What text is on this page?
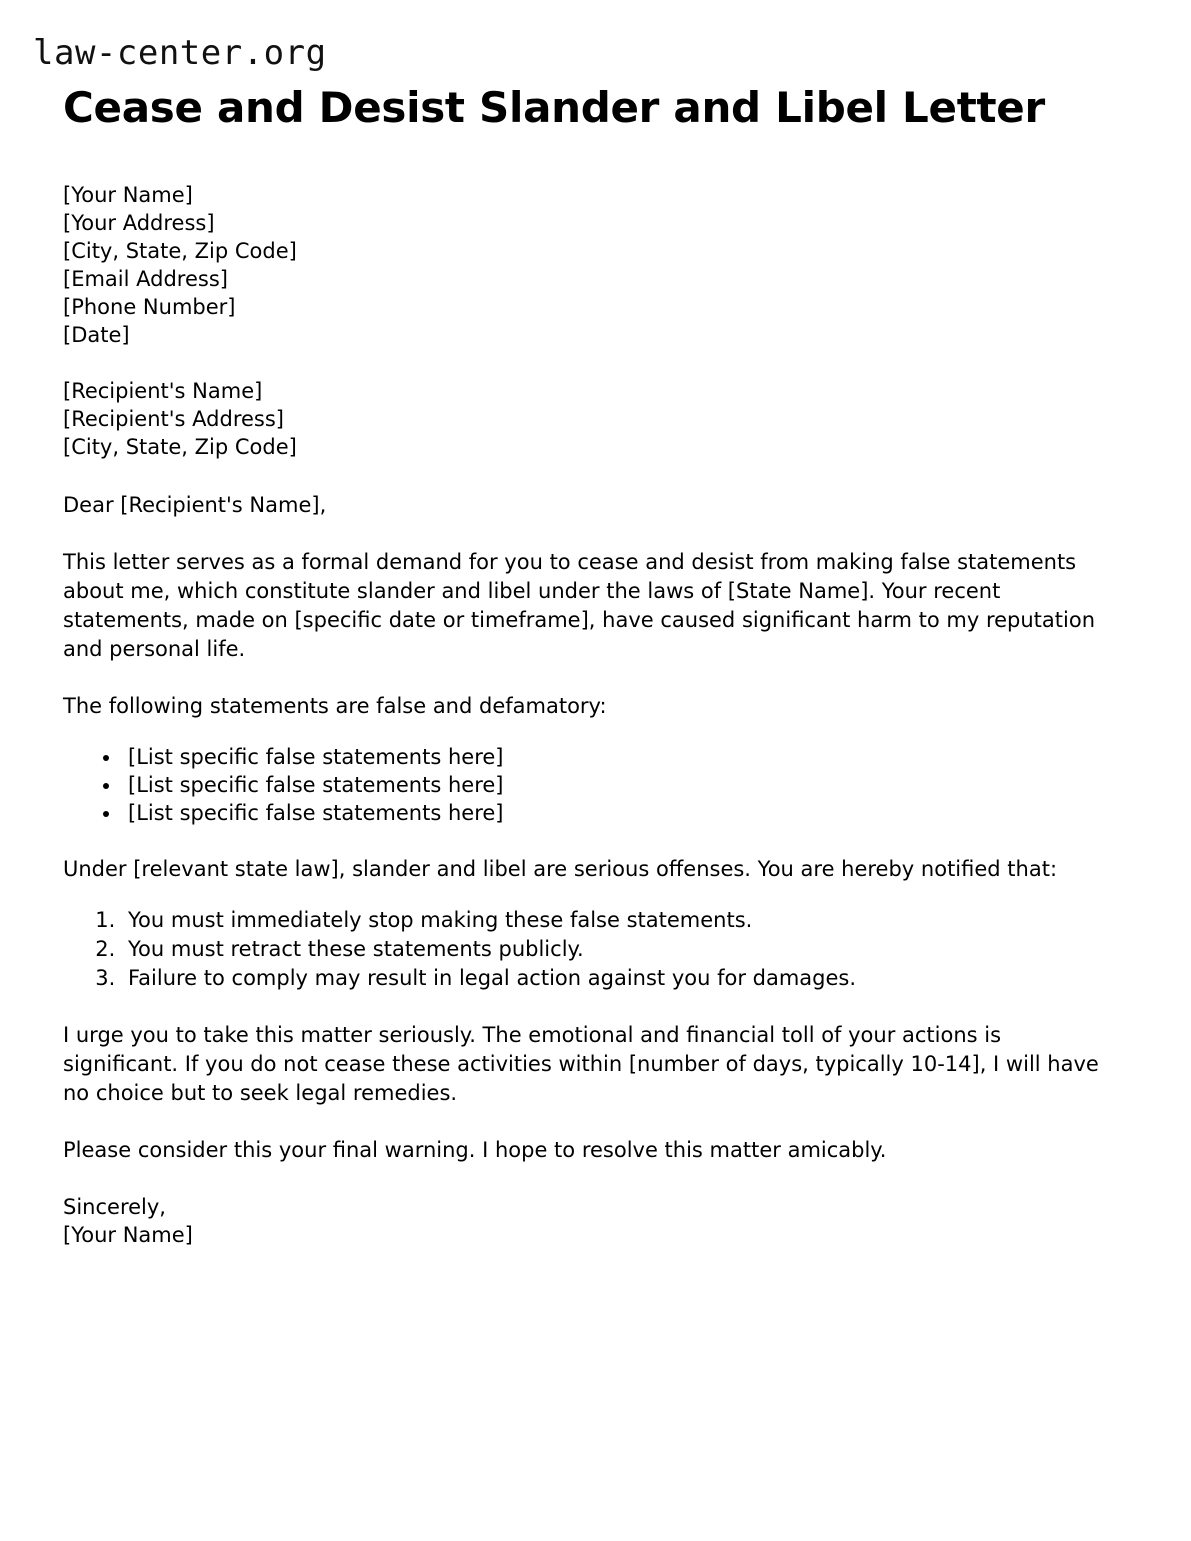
law-center.org
Cease and Desist Slander and Libel Letter
[Your Name]
[Your Address]
[City, State, Zip Code]
[Email Address]
[Phone Number]
[Date]
[Recipient's Name]
[Recipient's Address]
[City, State, Zip Code]

Dear [Recipient's Name],

This letter serves as a formal demand for you to cease and desist from making false statements about me, which constitute slander and libel under the laws of [State Name]. Your recent statements, made on [specific date or timeframe], have caused significant harm to my reputation and personal life.

The following statements are false and defamatory:

• [List specific false statements here]
• [List specific false statements here]
• [List specific false statements here]

Under [relevant state law], slander and libel are serious offenses. You are hereby notified that:

1. You must immediately stop making these false statements.
2. You must retract these statements publicly.
3. Failure to comply may result in legal action against you for damages.

I urge you to take this matter seriously. The emotional and financial toll of your actions is significant. If you do not cease these activities within [number of days, typically 10-14], I will have no choice but to seek legal remedies.

Please consider this your final warning. I hope to resolve this matter amicably.

Sincerely,
[Your Name]
